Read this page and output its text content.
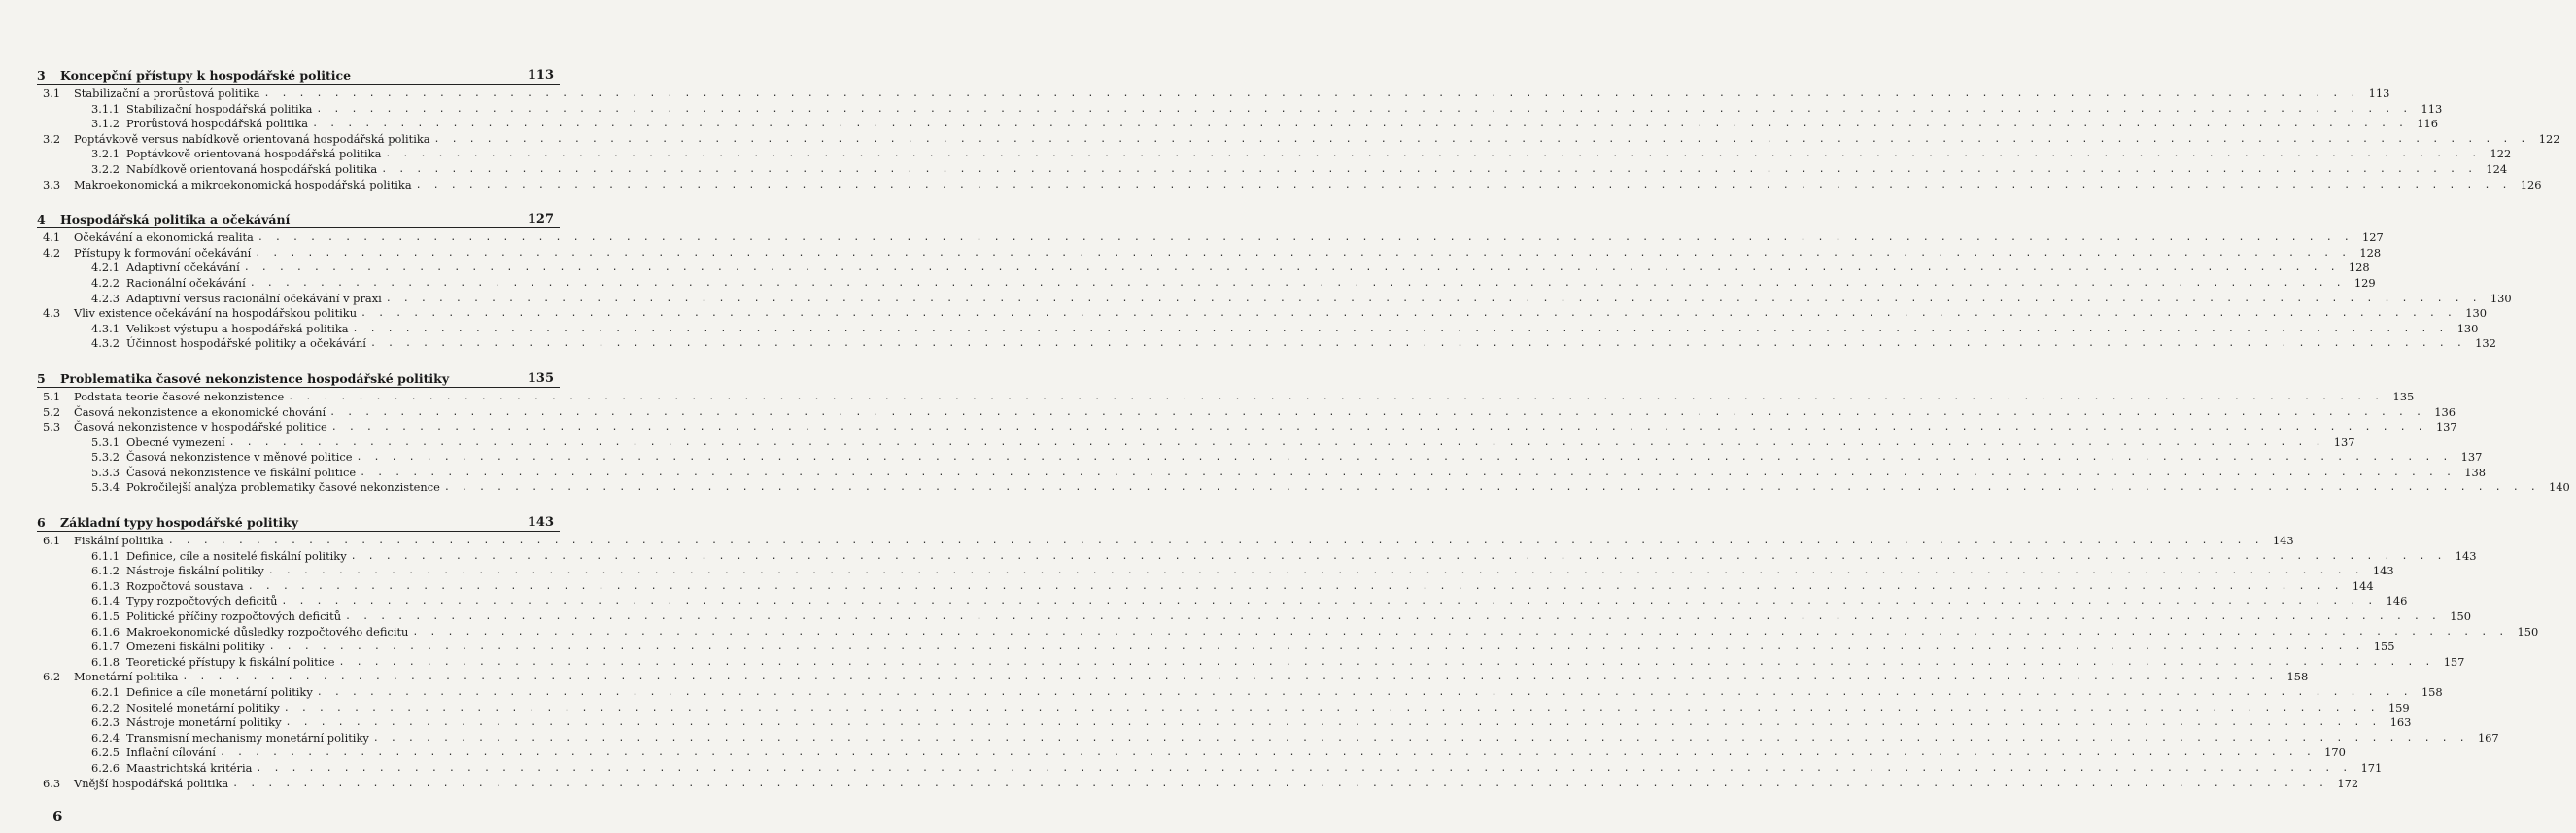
3	Koncepční přístupy k hospodářské politice	113
3.1	Stabilizační a prorůstová politika . . . . . . . . . . . . . . . . . . . . . . . . . . . . . . . . . . . . . . . . . . . . . . . . . . . . . . . . . . . . . . . . . . . . . . . . . . . . . . . . . . . . . . . . . . . . . . . . . . . . . . . . . . . . . . . . . . . . . . . . 113
3.1.1 Stabilizační hospodářská politika . . . . . . . . . . . . . . . . . . . . . . . . . . . . . . . . . . . . . . . . . . . . . . . . . . . . . . . . . . . . . . . . . . . . . . . . . . . . . . . . . . . . . . . . . . . . . . . . . . . . . . . . . . . . . . . . . . . . . . . . 113
3.1.2 Prorůstová hospodářská politika . . . . . . . . . . . . . . . . . . . . . . . . . . . . . . . . . . . . . . . . . . . . . . . . . . . . . . . . . . . . . . . . . . . . . . . . . . . . . . . . . . . . . . . . . . . . . . . . . . . . . . . . . . . . . . . . . . . . . . . . 116
3.2	Poptávkově versus nabídkově orientovaná hospodářská politika . . . . . . . . . . . . . . . . . . . . . . . . . . . . . . . . . . . . . . . . . . . . . . . . . . . . . . . . . . . . . . . . . . . . . . . . . . . . . . . . . . . . . . . . . . . . . . . . . . . . . . . . . . . . . . . . . . . . . . . . 122
3.2.1 Poptávkově orientovaná hospodářská politika . . . . . . . . . . . . . . . . . . . . . . . . . . . . . . . . . . . . . . . . . . . . . . . . . . . . . . . . . . . . . . . . . . . . . . . . . . . . . . . . . . . . . . . . . . . . . . . . . . . . . . . . . . . . . . . . . . . . . . . . 122
3.2.2 Nabídkově orientovaná hospodářská politika . . . . . . . . . . . . . . . . . . . . . . . . . . . . . . . . . . . . . . . . . . . . . . . . . . . . . . . . . . . . . . . . . . . . . . . . . . . . . . . . . . . . . . . . . . . . . . . . . . . . . . . . . . . . . . . . . . . . . . . . 124
3.3	Makroekonomická a mikroekonomická hospodářská politika . . . . . . . . . . . . . . . . . . . . . . . . . . . . . . . . . . . . . . . . . . . . . . . . . . . . . . . . . . . . . . . . . . . . . . . . . . . . . . . . . . . . . . . . . . . . . . . . . . . . . . . . . . . . . . . . . . . . . . . . 126
4	Hospodářská politika a očekávání	127
4.1	Očekávání a ekonomická realita . . . . . . . . . . . . . . . . . . . . . . . . . . . . . . . . . . . . . . . . . . . . . . . . . . . . . . . . . . . . . . . . . . . . . . . . . . . . . . . . . . . . . . . . . . . . . . . . . . . . . . . . . . . . . . . . . . . . . . . . 127
4.2	Přístupy k formování očekávání . . . . . . . . . . . . . . . . . . . . . . . . . . . . . . . . . . . . . . . . . . . . . . . . . . . . . . . . . . . . . . . . . . . . . . . . . . . . . . . . . . . . . . . . . . . . . . . . . . . . . . . . . . . . . . . . . . . . . . . . 128
4.2.1 Adaptivní očekávání . . . . . . . . . . . . . . . . . . . . . . . . . . . . . . . . . . . . . . . . . . . . . . . . . . . . . . . . . . . . . . . . . . . . . . . . . . . . . . . . . . . . . . . . . . . . . . . . . . . . . . . . . . . . . . . . . . . . . . . . 128
4.2.2 Racionální očekávání . . . . . . . . . . . . . . . . . . . . . . . . . . . . . . . . . . . . . . . . . . . . . . . . . . . . . . . . . . . . . . . . . . . . . . . . . . . . . . . . . . . . . . . . . . . . . . . . . . . . . . . . . . . . . . . . . . . . . . . . 129
4.2.3 Adaptivní versus racionální očekávání v praxi . . . . . . . . . . . . . . . . . . . . . . . . . . . . . . . . . . . . . . . . . . . . . . . . . . . . . . . . . . . . . . . . . . . . . . . . . . . . . . . . . . . . . . . . . . . . . . . . . . . . . . . . . . . . . . . . . . . . . . . . 130
4.3	Vliv existence očekávání na hospodářskou politiku . . . . . . . . . . . . . . . . . . . . . . . . . . . . . . . . . . . . . . . . . . . . . . . . . . . . . . . . . . . . . . . . . . . . . . . . . . . . . . . . . . . . . . . . . . . . . . . . . . . . . . . . . . . . . . . . . . . . . . . . 130
4.3.1 Velikost výstupu a hospodářská politika . . . . . . . . . . . . . . . . . . . . . . . . . . . . . . . . . . . . . . . . . . . . . . . . . . . . . . . . . . . . . . . . . . . . . . . . . . . . . . . . . . . . . . . . . . . . . . . . . . . . . . . . . . . . . . . . . . . . . . . . 130
4.3.2 Účinnost hospodářské politiky a očekávání . . . . . . . . . . . . . . . . . . . . . . . . . . . . . . . . . . . . . . . . . . . . . . . . . . . . . . . . . . . . . . . . . . . . . . . . . . . . . . . . . . . . . . . . . . . . . . . . . . . . . . . . . . . . . . . . . . . . . . . . 132
5	Problematika časové nekonzistence hospodářské politiky	135
5.1	Podstata teorie časové nekonzistence . . . . . . . . . . . . . . . . . . . . . . . . . . . . . . . . . . . . . . . . . . . . . . . . . . . . . . . . . . . . . . . . . . . . . . . . . . . . . . . . . . . . . . . . . . . . . . . . . . . . . . . . . . . . . . . . . . . . . . . . 135
5.2	Časová nekonzistence a ekonomické chování . . . . . . . . . . . . . . . . . . . . . . . . . . . . . . . . . . . . . . . . . . . . . . . . . . . . . . . . . . . . . . . . . . . . . . . . . . . . . . . . . . . . . . . . . . . . . . . . . . . . . . . . . . . . . . . . . . . . . . . . 136
5.3	Časová nekonzistence v hospodářské politice . . . . . . . . . . . . . . . . . . . . . . . . . . . . . . . . . . . . . . . . . . . . . . . . . . . . . . . . . . . . . . . . . . . . . . . . . . . . . . . . . . . . . . . . . . . . . . . . . . . . . . . . . . . . . . . . . . . . . . . . 137
5.3.1 Obecné vymezení . . . . . . . . . . . . . . . . . . . . . . . . . . . . . . . . . . . . . . . . . . . . . . . . . . . . . . . . . . . . . . . . . . . . . . . . . . . . . . . . . . . . . . . . . . . . . . . . . . . . . . . . . . . . . . . . . . . . . . . . 137
5.3.2 Časová nekonzistence v měnové politice . . . . . . . . . . . . . . . . . . . . . . . . . . . . . . . . . . . . . . . . . . . . . . . . . . . . . . . . . . . . . . . . . . . . . . . . . . . . . . . . . . . . . . . . . . . . . . . . . . . . . . . . . . . . . . . . . . . . . . . . 137
5.3.3 Časová nekonzistence ve fiskální politice . . . . . . . . . . . . . . . . . . . . . . . . . . . . . . . . . . . . . . . . . . . . . . . . . . . . . . . . . . . . . . . . . . . . . . . . . . . . . . . . . . . . . . . . . . . . . . . . . . . . . . . . . . . . . . . . . . . . . . . . 138
5.3.4 Pokročilejší analýza problematiky časové nekonzistence . . . . . . . . . . . . . . . . . . . . . . . . . . . . . . . . . . . . . . . . . . . . . . . . . . . . . . . . . . . . . . . . . . . . . . . . . . . . . . . . . . . . . . . . . . . . . . . . . . . . . . . . . . . . . . . . . . . . . . . . 140
6	Základní typy hospodářské politiky	143
6.1	Fiskální politika . . . . . . . . . . . . . . . . . . . . . . . . . . . . . . . . . . . . . . . . . . . . . . . . . . . . . . . . . . . . . . . . . . . . . . . . . . . . . . . . . . . . . . . . . . . . . . . . . . . . . . . . . . . . . . . . . . . . . . . . 143
6.1.1 Definice, cíle a nositelé fiskální politiky . . . . . . . . . . . . . . . . . . . . . . . . . . . . . . . . . . . . . . . . . . . . . . . . . . . . . . . . . . . . . . . . . . . . . . . . . . . . . . . . . . . . . . . . . . . . . . . . . . . . . . . . . . . . . . . . . . . . . . . . 143
6.1.2 Nástroje fiskální politiky . . . . . . . . . . . . . . . . . . . . . . . . . . . . . . . . . . . . . . . . . . . . . . . . . . . . . . . . . . . . . . . . . . . . . . . . . . . . . . . . . . . . . . . . . . . . . . . . . . . . . . . . . . . . . . . . . . . . . . . . 143
6.1.3 Rozpočtová soustava . . . . . . . . . . . . . . . . . . . . . . . . . . . . . . . . . . . . . . . . . . . . . . . . . . . . . . . . . . . . . . . . . . . . . . . . . . . . . . . . . . . . . . . . . . . . . . . . . . . . . . . . . . . . . . . . . . . . . . . . 144
6.1.4 Typy rozpočtových deficitů . . . . . . . . . . . . . . . . . . . . . . . . . . . . . . . . . . . . . . . . . . . . . . . . . . . . . . . . . . . . . . . . . . . . . . . . . . . . . . . . . . . . . . . . . . . . . . . . . . . . . . . . . . . . . . . . . . . . . . . . 146
6.1.5 Politické příčiny rozpočtových deficitů . . . . . . . . . . . . . . . . . . . . . . . . . . . . . . . . . . . . . . . . . . . . . . . . . . . . . . . . . . . . . . . . . . . . . . . . . . . . . . . . . . . . . . . . . . . . . . . . . . . . . . . . . . . . . . . . . . . . . . . . 150
6.1.6 Makroekonomické důsledky rozpočtového deficitu . . . . . . . . . . . . . . . . . . . . . . . . . . . . . . . . . . . . . . . . . . . . . . . . . . . . . . . . . . . . . . . . . . . . . . . . . . . . . . . . . . . . . . . . . . . . . . . . . . . . . . . . . . . . . . . . . . . . . . . . 150
6.1.7 Omezení fiskální politiky . . . . . . . . . . . . . . . . . . . . . . . . . . . . . . . . . . . . . . . . . . . . . . . . . . . . . . . . . . . . . . . . . . . . . . . . . . . . . . . . . . . . . . . . . . . . . . . . . . . . . . . . . . . . . . . . . . . . . . . . 155
6.1.8 Teoretické přístupy k fiskální politice . . . . . . . . . . . . . . . . . . . . . . . . . . . . . . . . . . . . . . . . . . . . . . . . . . . . . . . . . . . . . . . . . . . . . . . . . . . . . . . . . . . . . . . . . . . . . . . . . . . . . . . . . . . . . . . . . . . . . . . . 157
6.2	Monetární politika . . . . . . . . . . . . . . . . . . . . . . . . . . . . . . . . . . . . . . . . . . . . . . . . . . . . . . . . . . . . . . . . . . . . . . . . . . . . . . . . . . . . . . . . . . . . . . . . . . . . . . . . . . . . . . . . . . . . . . . . 158
6.2.1 Definice a cíle monetární politiky . . . . . . . . . . . . . . . . . . . . . . . . . . . . . . . . . . . . . . . . . . . . . . . . . . . . . . . . . . . . . . . . . . . . . . . . . . . . . . . . . . . . . . . . . . . . . . . . . . . . . . . . . . . . . . . . . . . . . . . . 158
6.2.2 Nositelé monetární politiky . . . . . . . . . . . . . . . . . . . . . . . . . . . . . . . . . . . . . . . . . . . . . . . . . . . . . . . . . . . . . . . . . . . . . . . . . . . . . . . . . . . . . . . . . . . . . . . . . . . . . . . . . . . . . . . . . . . . . . . . 159
6.2.3 Nástroje monetární politiky . . . . . . . . . . . . . . . . . . . . . . . . . . . . . . . . . . . . . . . . . . . . . . . . . . . . . . . . . . . . . . . . . . . . . . . . . . . . . . . . . . . . . . . . . . . . . . . . . . . . . . . . . . . . . . . . . . . . . . . . 163
6.2.4 Transmisní mechanismy monetární politiky . . . . . . . . . . . . . . . . . . . . . . . . . . . . . . . . . . . . . . . . . . . . . . . . . . . . . . . . . . . . . . . . . . . . . . . . . . . . . . . . . . . . . . . . . . . . . . . . . . . . . . . . . . . . . . . . . . . . . . . . 167
6.2.5 Inflační cílování . . . . . . . . . . . . . . . . . . . . . . . . . . . . . . . . . . . . . . . . . . . . . . . . . . . . . . . . . . . . . . . . . . . . . . . . . . . . . . . . . . . . . . . . . . . . . . . . . . . . . . . . . . . . . . . . . . . . . . . . 170
6.2.6 Maastrichtská kritéria . . . . . . . . . . . . . . . . . . . . . . . . . . . . . . . . . . . . . . . . . . . . . . . . . . . . . . . . . . . . . . . . . . . . . . . . . . . . . . . . . . . . . . . . . . . . . . . . . . . . . . . . . . . . . . . . . . . . . . . . 171
6.3	Vnější hospodářská politika . . . . . . . . . . . . . . . . . . . . . . . . . . . . . . . . . . . . . . . . . . . . . . . . . . . . . . . . . . . . . . . . . . . . . . . . . . . . . . . . . . . . . . . . . . . . . . . . . . . . . . . . . . . . . . . . . . . . . . . . 172
6
